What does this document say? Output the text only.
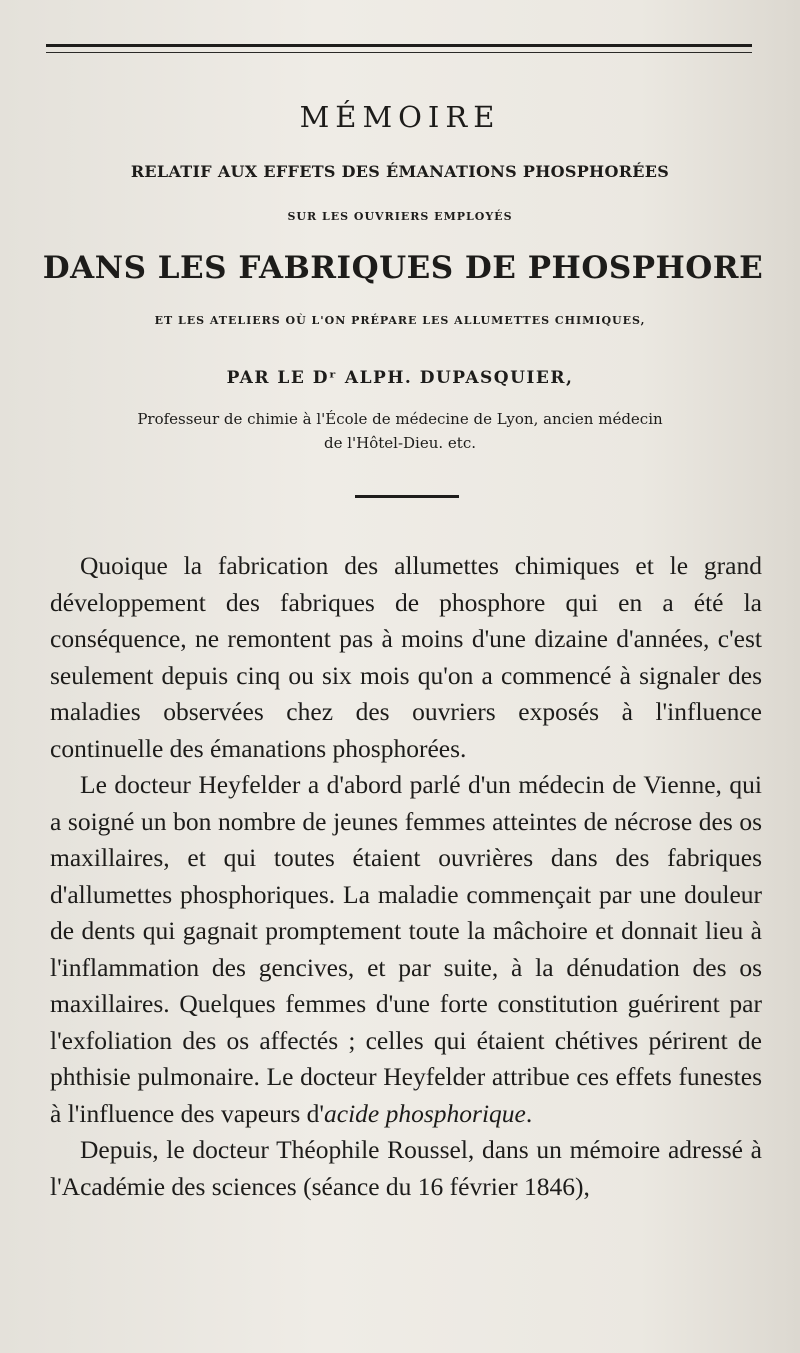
MÉMOIRE
RELATIF AUX EFFETS DES ÉMANATIONS PHOSPHORÉES
SUR LES OUVRIERS EMPLOYÉS
DANS LES FABRIQUES DE PHOSPHORE
ET LES ATELIERS OÙ L'ON PRÉPARE LES ALLUMETTES CHIMIQUES,
PAR LE Dʳ ALPH. DUPASQUIER,
Professeur de chimie à l'École de médecine de Lyon, ancien médecin
de l'Hôtel-Dieu. etc.

Quoique la fabrication des allumettes chimiques et le grand développement des fabriques de phosphore qui en a été la conséquence, ne remontent pas à moins d'une dizaine d'années, c'est seulement depuis cinq ou six mois qu'on a commencé à signaler des maladies observées chez des ouvriers exposés à l'influence continuelle des émanations phosphorées.

Le docteur Heyfelder a d'abord parlé d'un médecin de Vienne, qui a soigné un bon nombre de jeunes femmes atteintes de nécrose des os maxillaires, et qui toutes étaient ouvrières dans des fabriques d'allumettes phosphoriques. La maladie commençait par une douleur de dents qui gagnait promptement toute la mâchoire et donnait lieu à l'inflammation des gencives, et par suite, à la dénudation des os maxillaires. Quelques femmes d'une forte constitution guérirent par l'exfoliation des os affectés ; celles qui étaient chétives périrent de phthisie pulmonaire. Le docteur Heyfelder attribue ces effets funestes à l'influence des vapeurs d'acide phosphorique.

Depuis, le docteur Théophile Roussel, dans un mémoire adressé à l'Académie des sciences (séance du 16 février 1846),
